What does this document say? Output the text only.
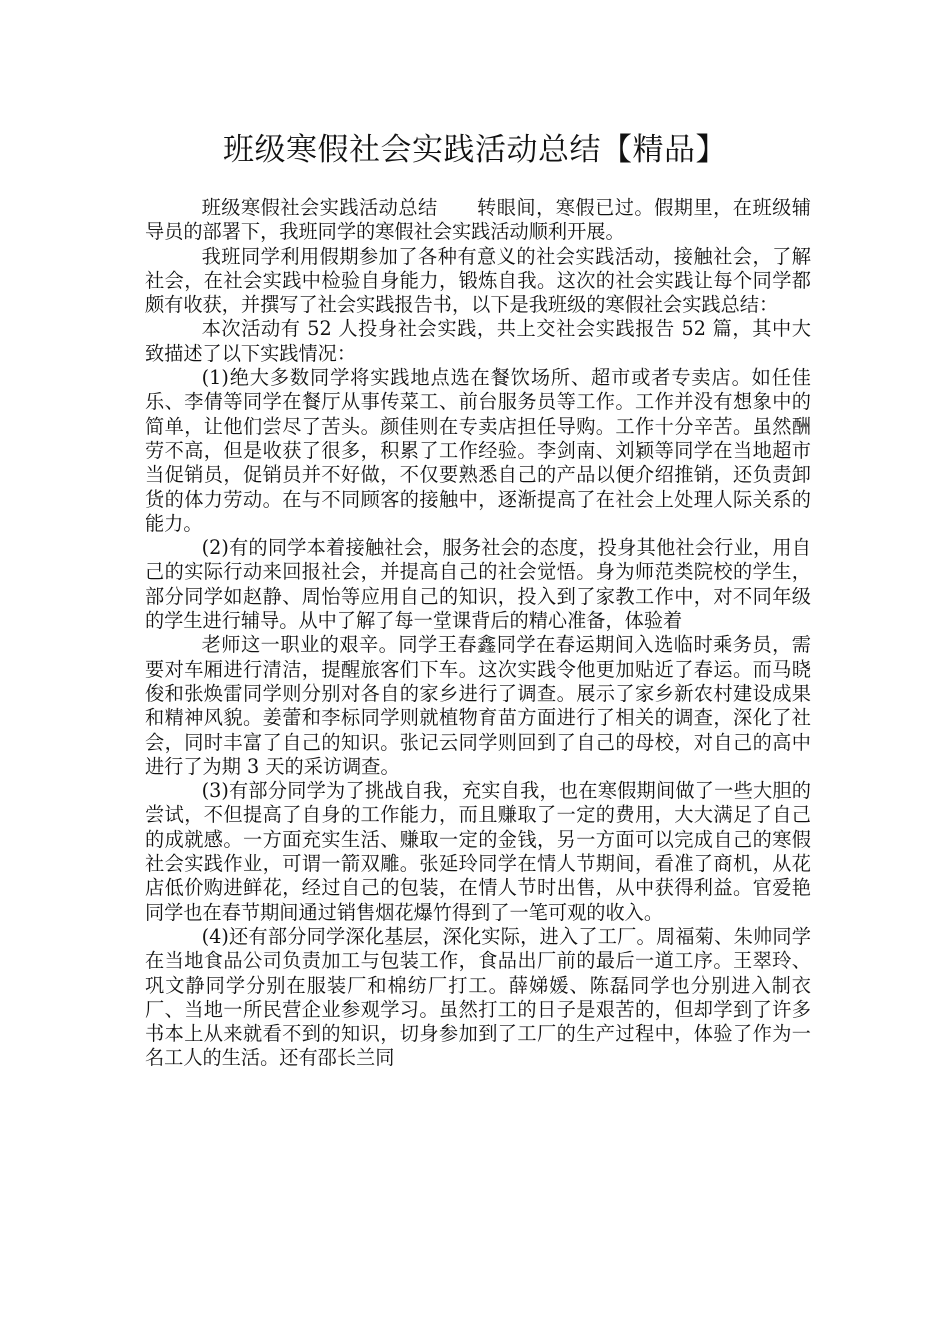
班级寒假社会实践活动总结【精品】

班级寒假社会实践活动总结　　转眼间，寒假已过。假期里，在班级辅导员的部署下，我班同学的寒假社会实践活动顺利开展。

我班同学利用假期参加了各种有意义的社会实践活动，接触社会，了解社会，在社会实践中检验自身能力，锻炼自我。这次的社会实践让每个同学都颇有收获，并撰写了社会实践报告书，以下是我班级的寒假社会实践总结：

本次活动有 52 人投身社会实践，共上交社会实践报告 52 篇，其中大致描述了以下实践情况：

(1)绝大多数同学将实践地点选在餐饮场所、超市或者专卖店。如任佳乐、李倩等同学在餐厅从事传菜工、前台服务员等工作。工作并没有想象中的简单，让他们尝尽了苦头。颜佳则在专卖店担任导购。工作十分辛苦。虽然酬劳不高，但是收获了很多，积累了工作经验。李剑南、刘颖等同学在当地超市当促销员，促销员并不好做，不仅要熟悉自己的产品以便介绍推销，还负责卸货的体力劳动。在与不同顾客的接触中，逐渐提高了在社会上处理人际关系的能力。

(2)有的同学本着接触社会，服务社会的态度，投身其他社会行业，用自己的实际行动来回报社会，并提高自己的社会觉悟。身为师范类院校的学生，部分同学如赵静、周怡等应用自己的知识，投入到了家教工作中，对不同年级的学生进行辅导。从中了解了每一堂课背后的精心准备，体验着

老师这一职业的艰辛。同学王春鑫同学在春运期间入选临时乘务员，需要对车厢进行清洁，提醒旅客们下车。这次实践令他更加贴近了春运。而马晓俊和张焕雷同学则分别对各自的家乡进行了调查。展示了家乡新农村建设成果和精神风貌。姜蕾和李标同学则就植物育苗方面进行了相关的调查，深化了社会，同时丰富了自己的知识。张记云同学则回到了自己的母校，对自己的高中进行了为期 3 天的采访调查。

(3)有部分同学为了挑战自我，充实自我，也在寒假期间做了一些大胆的尝试，不但提高了自身的工作能力，而且赚取了一定的费用，大大满足了自己的成就感。一方面充实生活、赚取一定的金钱，另一方面可以完成自己的寒假社会实践作业，可谓一箭双雕。张延玲同学在情人节期间，看准了商机，从花店低价购进鲜花，经过自己的包装，在情人节时出售，从中获得利益。官爱艳同学也在春节期间通过销售烟花爆竹得到了一笔可观的收入。

(4)还有部分同学深化基层，深化实际，进入了工厂。周福菊、朱帅同学在当地食品公司负责加工与包装工作，食品出厂前的最后一道工序。王翠玲、巩文静同学分别在服装厂和棉纺厂打工。薛娣媛、陈磊同学也分别进入制衣厂、当地一所民营企业参观学习。虽然打工的日子是艰苦的，但却学到了许多书本上从来就看不到的知识，切身参加到了工厂的生产过程中，体验了作为一名工人的生活。还有邵长兰同
